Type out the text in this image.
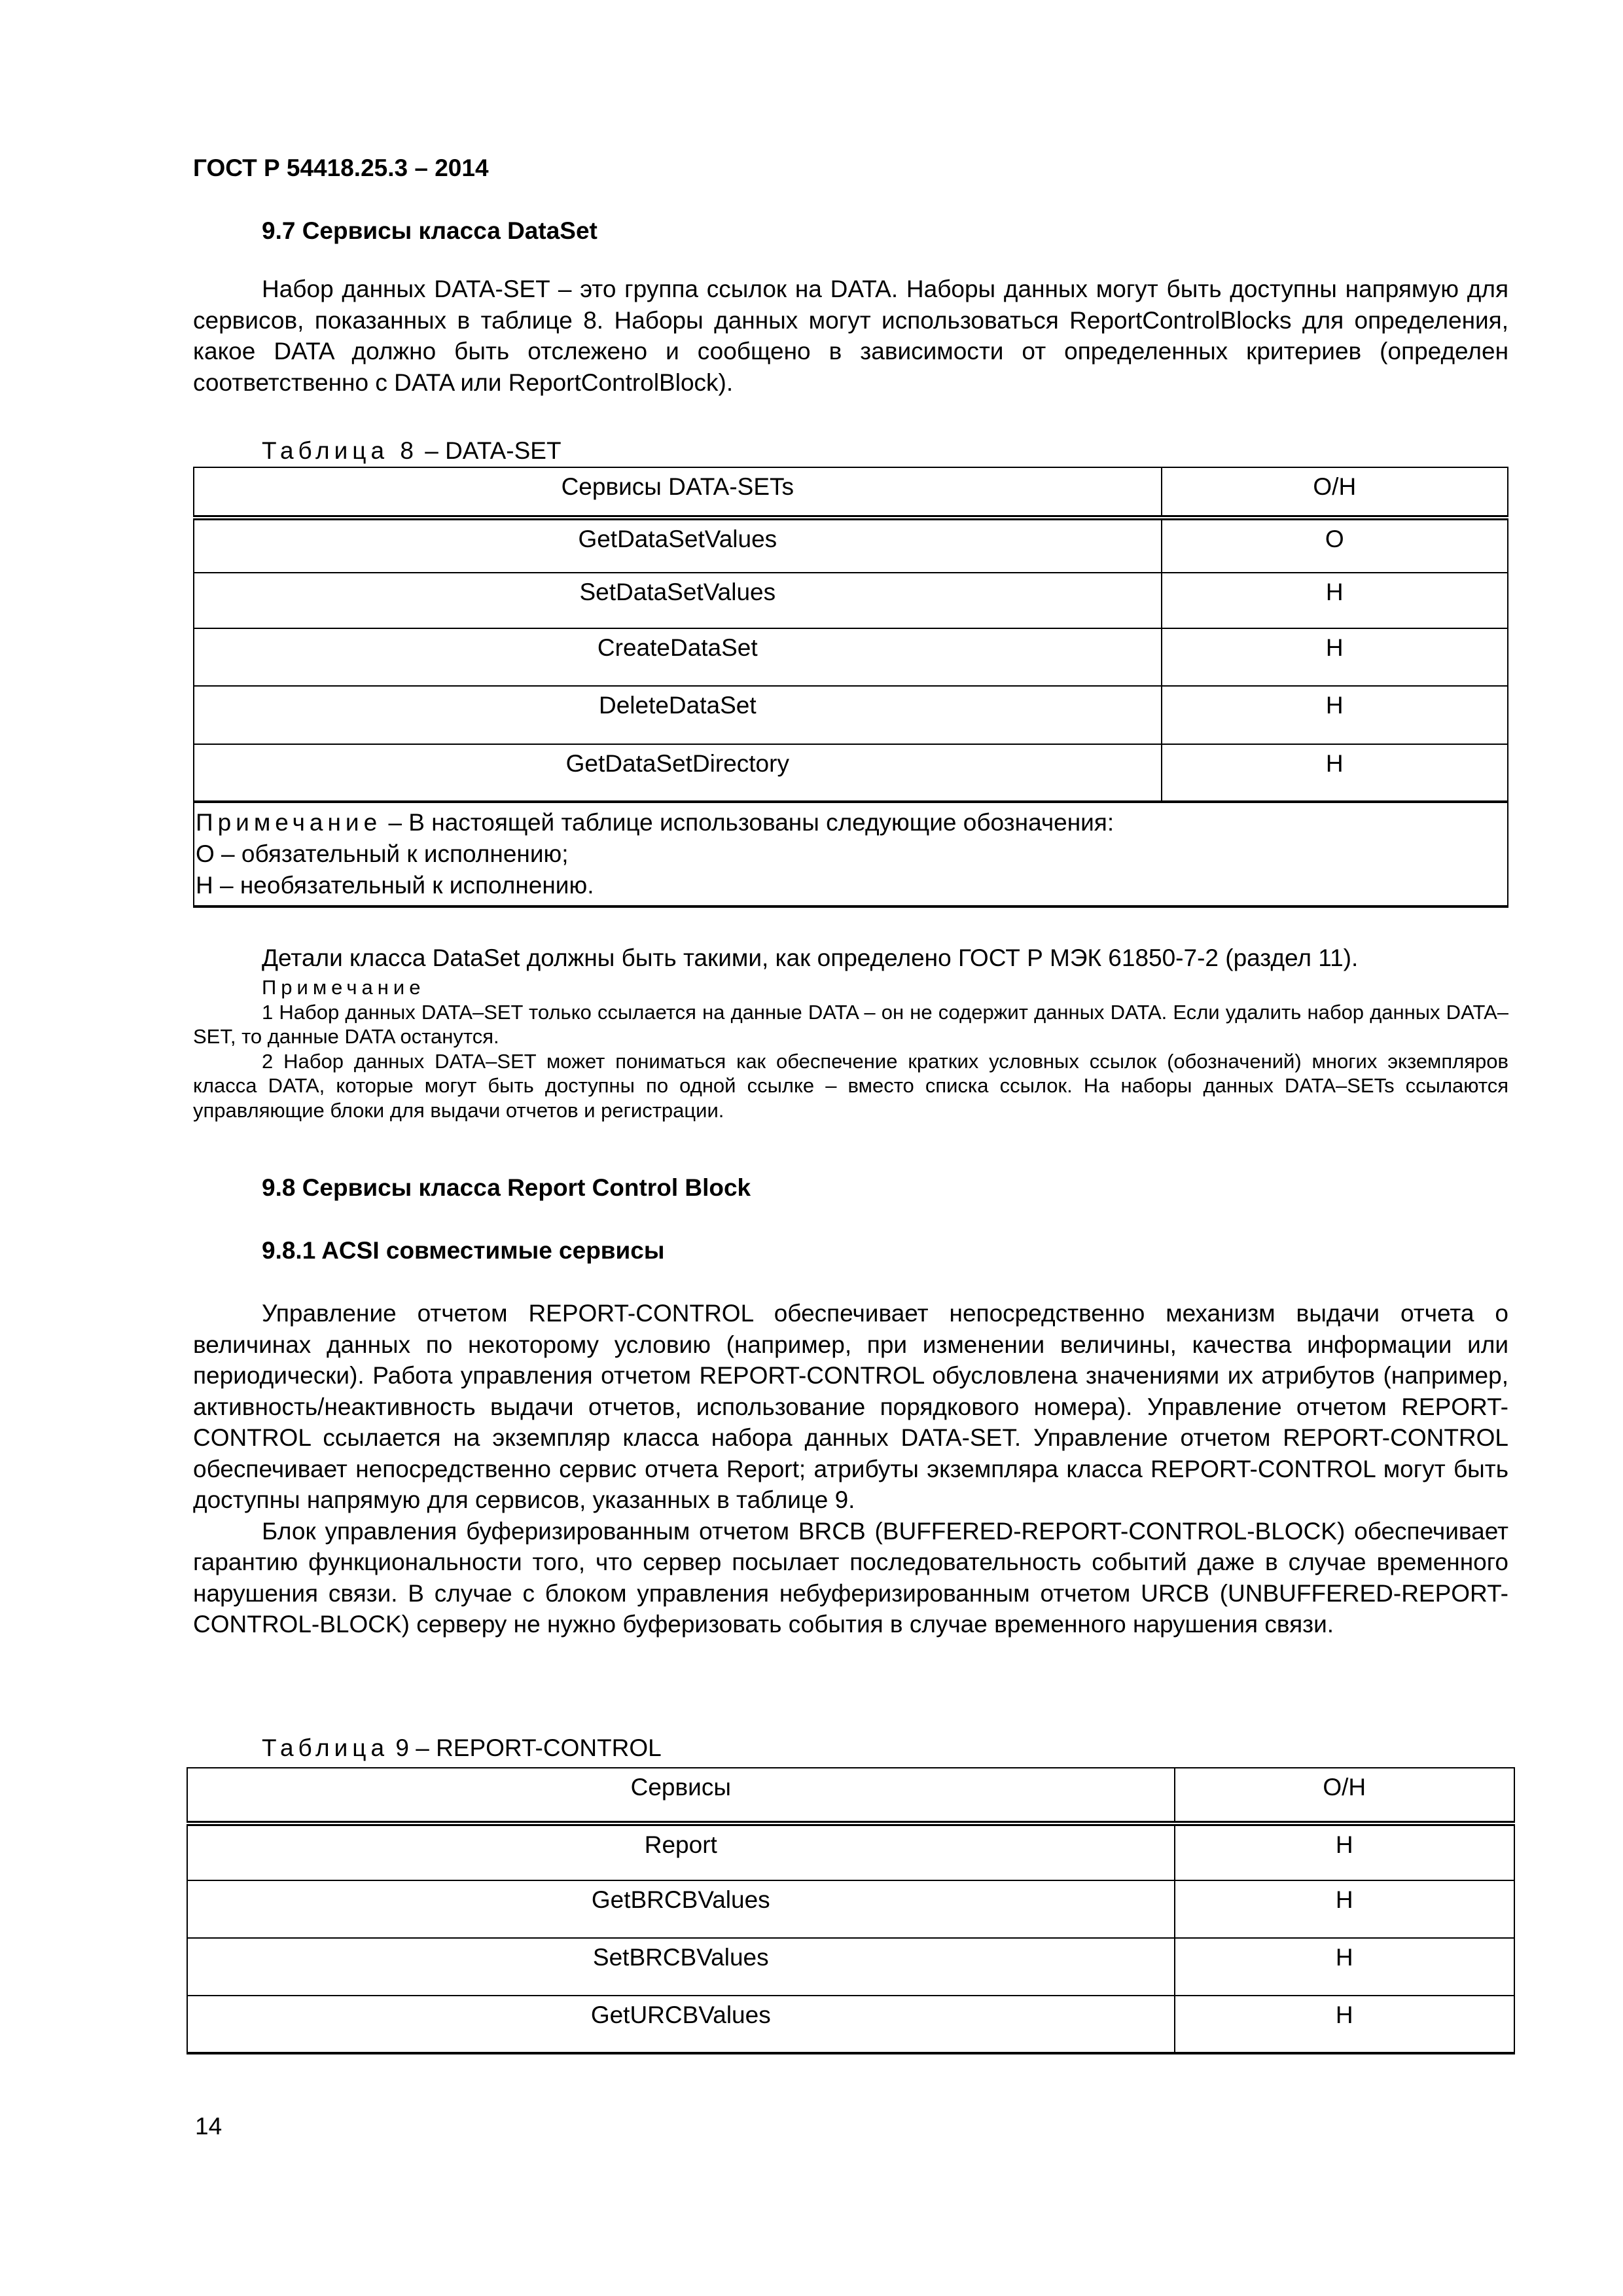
ГОСТ Р 54418.25.3 – 2014
9.7 Сервисы класса DataSet

Набор данных DATA-SET – это группа ссылок на DATA. Наборы данных могут быть доступны напрямую для сервисов, показанных в таблице 8. Наборы данных могут использоваться ReportControlBlocks для определения, какое DATA должно быть отслежено и сообщено в зависимости от определенных критериев (определен соответственно с DATA или ReportControlBlock).

Таблица 8 – DATA-SET
Сервисы DATA-SETs	О/Н
GetDataSetValues	О
SetDataSetValues	Н
CreateDataSet	Н
DeleteDataSet	Н
GetDataSetDirectory	Н

Примечание – В настоящей таблице использованы следующие обозначения:
О – обязательный к исполнению;
Н – необязательный к исполнению.	

Детали класса DataSet должны быть такими, как определено ГОСТ Р МЭК 61850-7-2 (раздел 11).

Примечание

1 Набор данных DATA–SET только ссылается на данные DATA – он не содержит данных DATA. Если удалить набор данных DATA–SET, то данные DATA останутся.

2 Набор данных DATA–SET может пониматься как обеспечение кратких условных ссылок (обозначений) многих экземпляров класса DATA, которые могут быть доступны по одной ссылке – вместо списка ссылок. На наборы данных DATA–SETs ссылаются управляющие блоки для выдачи отчетов и регистрации.

9.8 Сервисы класса Report Control Block
9.8.1 ACSI совместимые сервисы

Управление отчетом REPORT-CONTROL обеспечивает непосредственно механизм выдачи отчета о величинах данных по некоторому условию (например, при изменении величины, качества информации или периодически). Работа управления отчетом REPORT-CONTROL обусловлена значениями их атрибутов (например, активность/неактивность выдачи отчетов, использование порядкового номера). Управление отчетом REPORT-CONTROL ссылается на экземпляр класса набора данных DATA-SET. Управление отчетом REPORT-CONTROL обеспечивает непосредственно сервис отчета Report; атрибуты экземпляра класса REPORT-CONTROL могут быть доступны напрямую для сервисов, указанных в таблице 9.

Блок управления буферизированным отчетом BRCB (BUFFERED-REPORT-CONTROL-BLOCK) обеспечивает гарантию функциональности того, что сервер посылает последовательность событий даже в случае временного нарушения связи. В случае с блоком управления небуферизированным отчетом URCB (UNBUFFERED-REPORT-CONTROL-BLOCK) серверу не нужно буферизовать события в случае временного нарушения связи.

Таблица 9 – REPORT-CONTROL
Сервисы	О/Н
Report	Н
GetBRCBValues	Н
SetBRCBValues	Н
GetURCBValues	Н
14
